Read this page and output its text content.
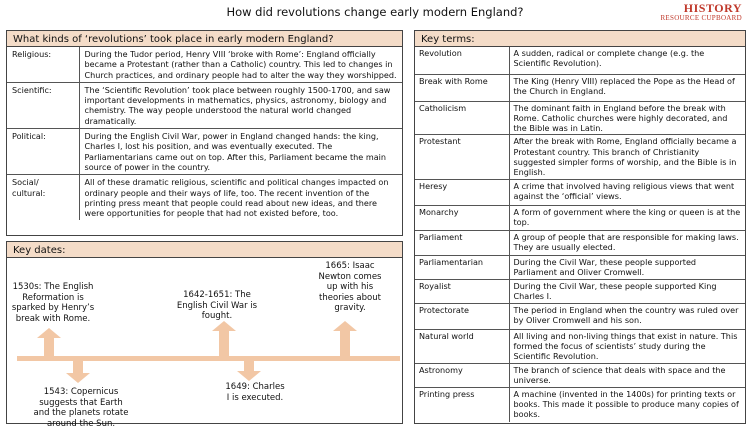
How did revolutions change early modern England?	HISTORY
RESOURCE CUPBOARD
What kinds of ‘revolutions’ took place in early modern England?
Religious:	During the Tudor period, Henry VIII ‘broke with Rome’: England officially became a Protestant (rather than a Catholic) country. This led to changes in Church practices, and ordinary people had to alter the way they worshipped.
Scientific:	The ‘Scientific Revolution’ took place between roughly 1500-1700, and saw important developments in mathematics, physics, astronomy, biology and chemistry. The way people understood the natural world changed dramatically.
Political:	During the English Civil War, power in England changed hands: the king, Charles I, lost his position, and was eventually executed. The Parliamentarians came out on top. After this, Parliament became the main source of power in the country.
Social/ cultural:	All of these dramatic religious, scientific and political changes impacted on ordinary people and their ways of life, too. The recent invention of the printing press meant that people could read about new ideas, and there were opportunities for people that had not existed before, too.
Key dates:
1530s: The English Reformation is sparked by Henry’s break with Rome.
1543: Copernicus suggests that Earth and the planets rotate around the Sun.
1642-1651: The English Civil War is fought.
1649: Charles I is executed.
1665: Isaac Newton comes up with his theories about gravity.
Key terms:
Revolution	A sudden, radical or complete change (e.g. the Scientific Revolution).
Break with Rome	The King (Henry VIII) replaced the Pope as the Head of the Church in England.
Catholicism	The dominant faith in England before the break with Rome. Catholic churches were highly decorated, and the Bible was in Latin.
Protestant	After the break with Rome, England officially became a Protestant country. This branch of Christianity suggested simpler forms of worship, and the Bible is in English.
Heresy	A crime that involved having religious views that went against the ‘official’ views.
Monarchy	A form of government where the king or queen is at the top.
Parliament	A group of people that are responsible for making laws. They are usually elected.
Parliamentarian	During the Civil War, these people supported Parliament and Oliver Cromwell.
Royalist	During the Civil War, these people supported King Charles I.
Protectorate	The period in England when the country was ruled over by Oliver Cromwell and his son.
Natural world	All living and non-living things that exist in nature. This formed the focus of scientists’ study during the Scientific Revolution.
Astronomy	The branch of science that deals with space and the universe.
Printing press	A machine (invented in the 1400s) for printing texts or books. This made it possible to produce many copies of books.
